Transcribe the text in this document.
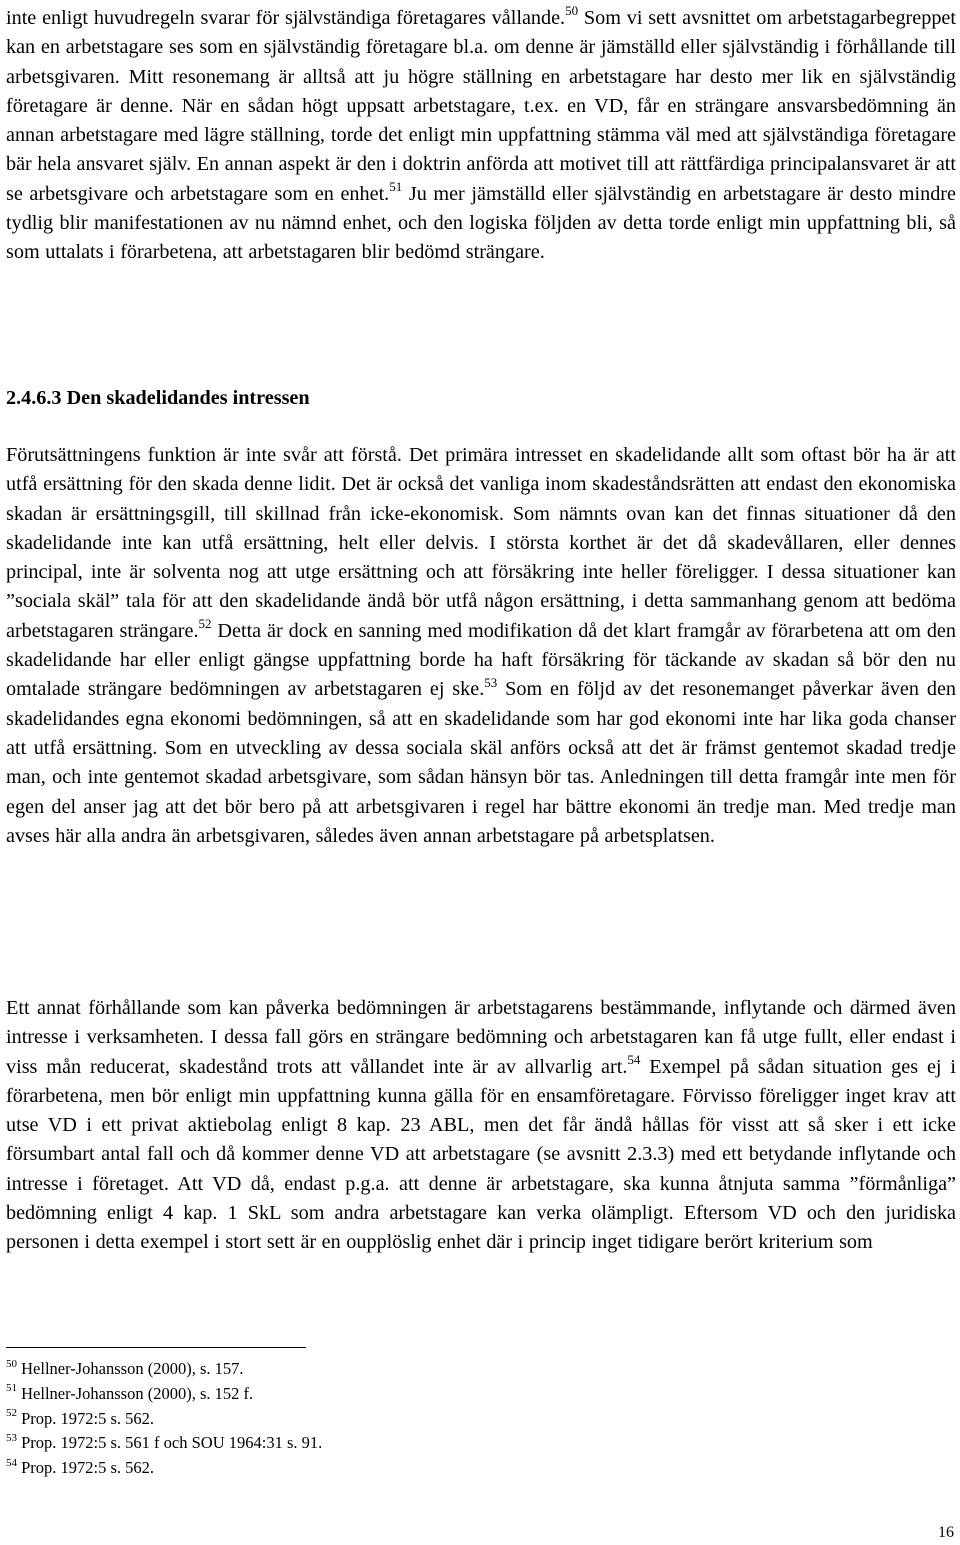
inte enligt huvudregeln svarar för självständiga företagares vållande.$^{50}$ Som vi sett avsnittet om arbetstagarbegreppet kan en arbetstagare ses som en självständig företagare bl.a. om denne är jämställd eller självständig i förhållande till arbetsgivaren. Mitt resonemang är alltså att ju högre ställning en arbetstagare har desto mer lik en självständig företagare är denne. När en sådan högt uppsatt arbetstagare, t.ex. en VD, får en strängare ansvarsbedömning än annan arbetstagare med lägre ställning, torde det enligt min uppfattning stämma väl med att självständiga företagare bär hela ansvaret själv. En annan aspekt är den i doktrin anförda att motivet till att rättfärdiga principalansvaret är att se arbetsgivare och arbetstagare som en enhet.$^{51}$ Ju mer jämställd eller självständig en arbetstagare är desto mindre tydlig blir manifestationen av nu nämnd enhet, och den logiska följden av detta torde enligt min uppfattning bli, så som uttalats i förarbetena, att arbetstagaren blir bedömd strängare.

2.4.6.3 Den skadelidandes intressen

Förutsättningens funktion är inte svår att förstå. Det primära intresset en skadelidande allt som oftast bör ha är att utfå ersättning för den skada denne lidit. Det är också det vanliga inom skadeståndsrätten att endast den ekonomiska skadan är ersättningsgill, till skillnad från icke-ekonomisk. Som nämnts ovan kan det finnas situationer då den skadelidande inte kan utfå ersättning, helt eller delvis. I största korthet är det då skadevållaren, eller dennes principal, inte är solventa nog att utge ersättning och att försäkring inte heller föreligger. I dessa situationer kan ”sociala skäl” tala för att den skadelidande ändå bör utfå någon ersättning, i detta sammanhang genom att bedöma arbetstagaren strängare.$^{52}$ Detta är dock en sanning med modifikation då det klart framgår av förarbetena att om den skadelidande har eller enligt gängse uppfattning borde ha haft försäkring för täckande av skadan så bör den nu omtalade strängare bedömningen av arbetstagaren ej ske.$^{53}$ Som en följd av det resonemanget påverkar även den skadelidandes egna ekonomi bedömningen, så att en skadelidande som har god ekonomi inte har lika goda chanser att utfå ersättning. Som en utveckling av dessa sociala skäl anförs också att det är främst gentemot skadad tredje man, och inte gentemot skadad arbetsgivare, som sådan hänsyn bör tas. Anledningen till detta framgår inte men för egen del anser jag att det bör bero på att arbetsgivaren i regel har bättre ekonomi än tredje man. Med tredje man avses här alla andra än arbetsgivaren, således även annan arbetstagare på arbetsplatsen.

Ett annat förhållande som kan påverka bedömningen är arbetstagarens bestämmande, inflytande och därmed även intresse i verksamheten. I dessa fall görs en strängare bedömning och arbetstagaren kan få utge fullt, eller endast i viss mån reducerat, skadestånd trots att vållandet inte är av allvarlig art.$^{54}$ Exempel på sådan situation ges ej i förarbetena, men bör enligt min uppfattning kunna gälla för en ensamföretagare. Förvisso föreligger inget krav att utse VD i ett privat aktiebolag enligt 8 kap. 23 ABL, men det får ändå hållas för visst att så sker i ett icke försumbart antal fall och då kommer denne VD att arbetstagare (se avsnitt 2.3.3) med ett betydande inflytande och intresse i företaget. Att VD då, endast p.g.a. att denne är arbetstagare, ska kunna åtnjuta samma ”förmånliga” bedömning enligt 4 kap. 1 SkL som andra arbetstagare kan verka olämpligt. Eftersom VD och den juridiska personen i detta exempel i stort sett är en oupplöslig enhet där i princip inget tidigare berört kriterium som

$^{50}$ Hellner-Johansson (2000), s. 157.

$^{51}$ Hellner-Johansson (2000), s. 152 f.

$^{52}$ Prop. 1972:5 s. 562.

$^{53}$ Prop. 1972:5 s. 561 f och SOU 1964:31 s. 91.

$^{54}$ Prop. 1972:5 s. 562.

16
